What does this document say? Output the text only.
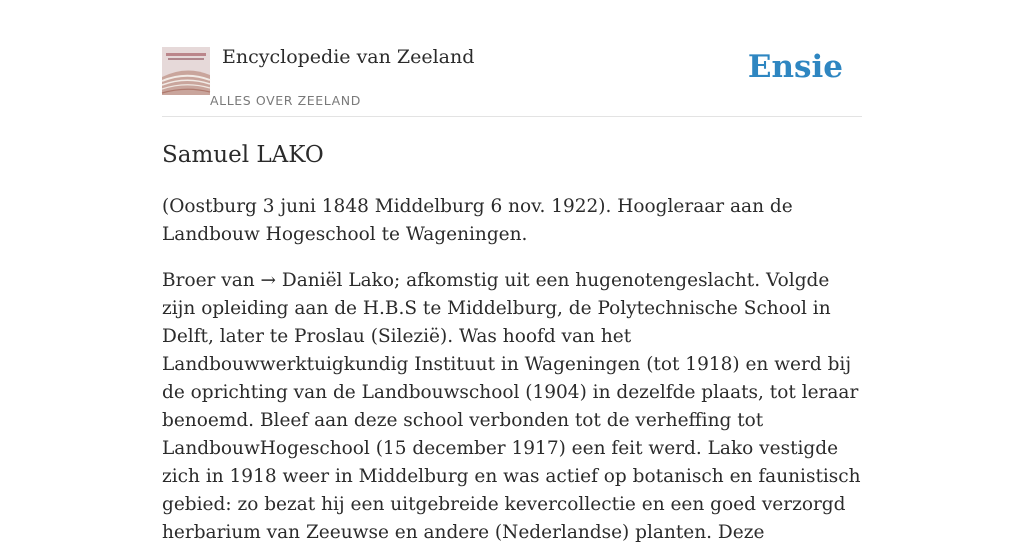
Encyclopedie van Zeeland
ALLES OVER ZEELAND
Ensie
Samuel LAKO

(Oostburg 3 juni 1848 Middelburg 6 nov. 1922). Hoogleraar aan de Landbouw Hogeschool te Wageningen.

Broer van → Daniël Lako; afkomstig uit een hugenotengeslacht. Volgde zijn opleiding aan de H.B.S te Middelburg, de Polytechnische School in Delft, later te Proslau (Silezië). Was hoofd van het Landbouwwerktuigkundig Instituut in Wageningen (tot 1918) en werd bij de oprichting van de Landbouwschool (1904) in dezelfde plaats, tot leraar benoemd. Bleef aan deze school verbonden tot de verheffing tot LandbouwHogeschool (15 december 1917) een feit werd. Lako vestigde zich in 1918 weer in Middelburg en was actief op botanisch en faunistisch gebied: zo bezat hij een uitgebreide kevercollectie en een goed verzorgd herbarium van Zeeuwse en andere (Nederlandse) planten. Deze
